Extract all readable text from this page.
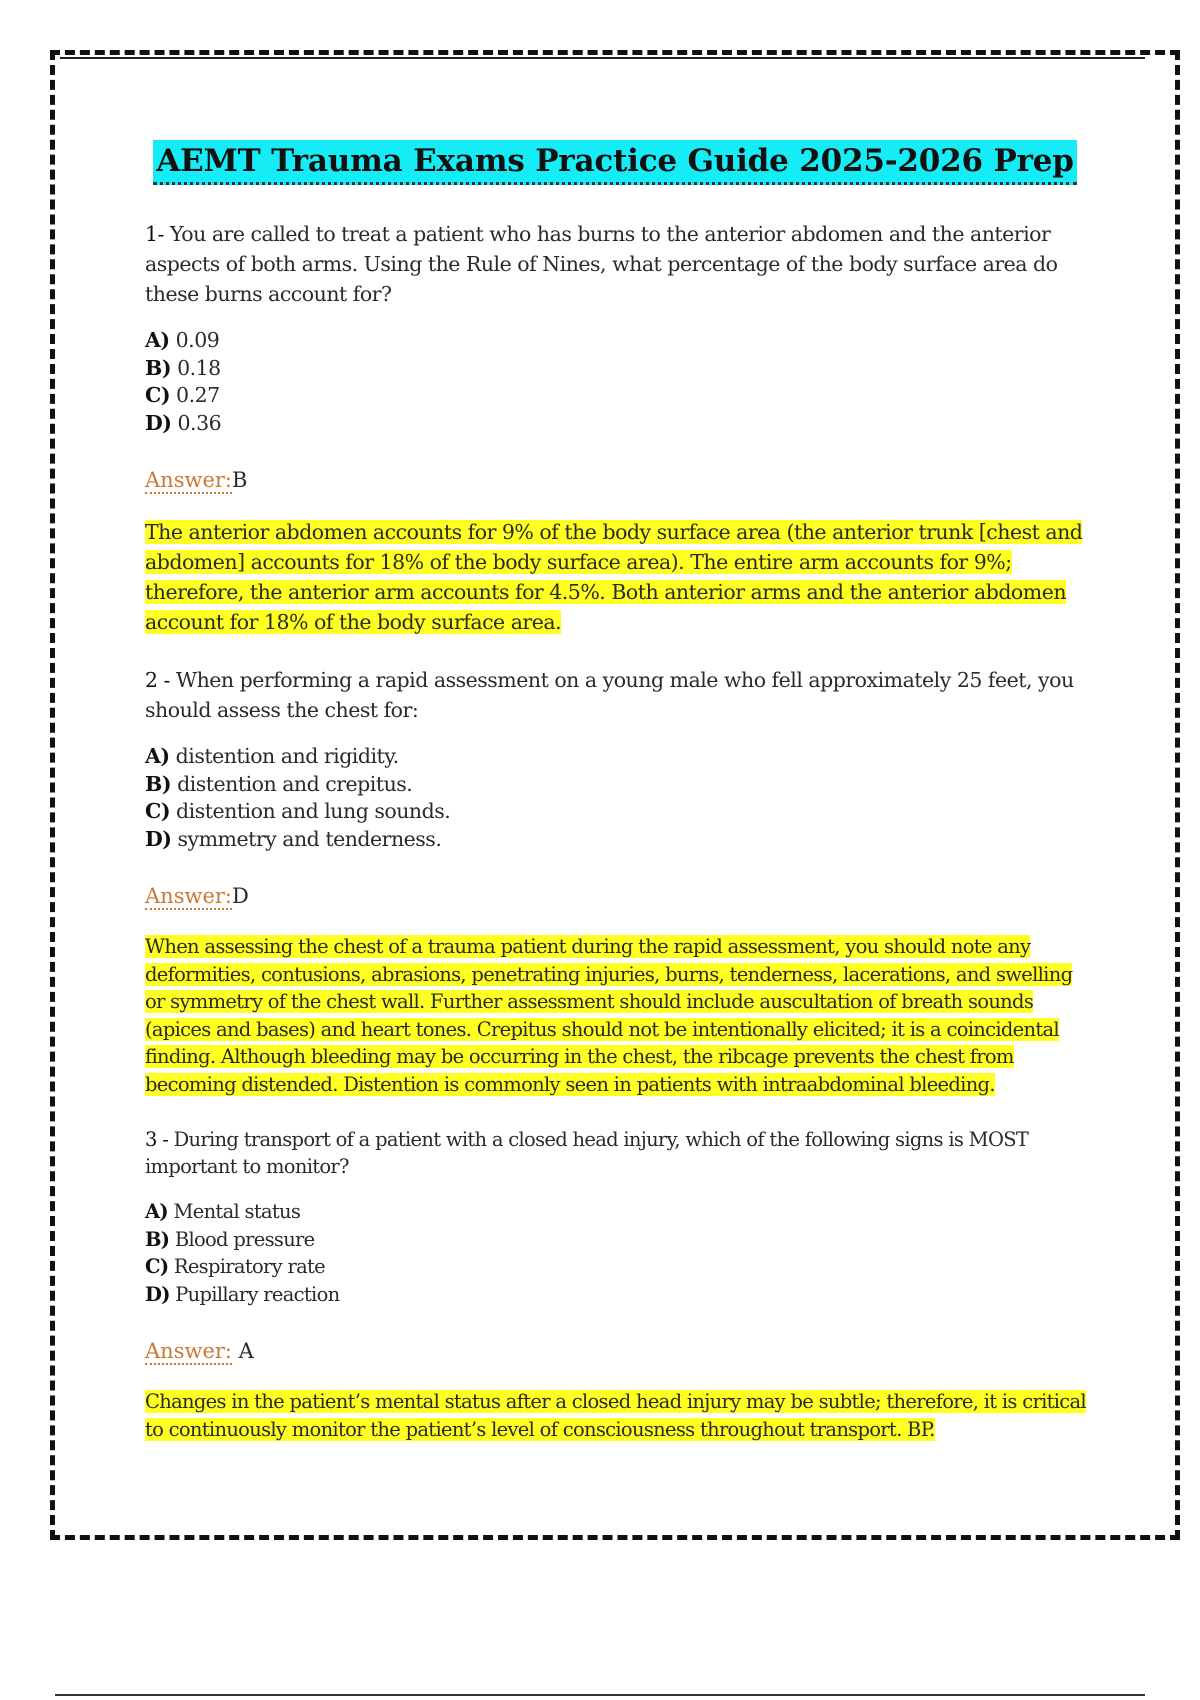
AEMT Trauma Exams Practice Guide 2025-2026 Prep

1- You are called to treat a patient who has burns to the anterior abdomen and the anterior aspects of both arms. Using the Rule of Nines, what percentage of the body surface area do these burns account for?

A) 0.09
B) 0.18
C) 0.27
D) 0.36

Answer:B

The anterior abdomen accounts for 9% of the body surface area (the anterior trunk [chest and abdomen] accounts for 18% of the body surface area). The entire arm accounts for 9%; therefore, the anterior arm accounts for 4.5%. Both anterior arms and the anterior abdomen account for 18% of the body surface area.

2 - When performing a rapid assessment on a young male who fell approximately 25 feet, you should assess the chest for:

A) distention and rigidity.
B) distention and crepitus.
C) distention and lung sounds.
D) symmetry and tenderness.

Answer:D

When assessing the chest of a trauma patient during the rapid assessment, you should note any deformities, contusions, abrasions, penetrating injuries, burns, tenderness, lacerations, and swelling or symmetry of the chest wall. Further assessment should include auscultation of breath sounds (apices and bases) and heart tones. Crepitus should not be intentionally elicited; it is a coincidental finding. Although bleeding may be occurring in the chest, the ribcage prevents the chest from becoming distended. Distention is commonly seen in patients with intraabdominal bleeding.

3 - During transport of a patient with a closed head injury, which of the following signs is MOST important to monitor?

A) Mental status
B) Blood pressure
C) Respiratory rate
D) Pupillary reaction

Answer: A

Changes in the patient’s mental status after a closed head injury may be subtle; therefore, it is critical to continuously monitor the patient’s level of consciousness throughout transport. BP.
